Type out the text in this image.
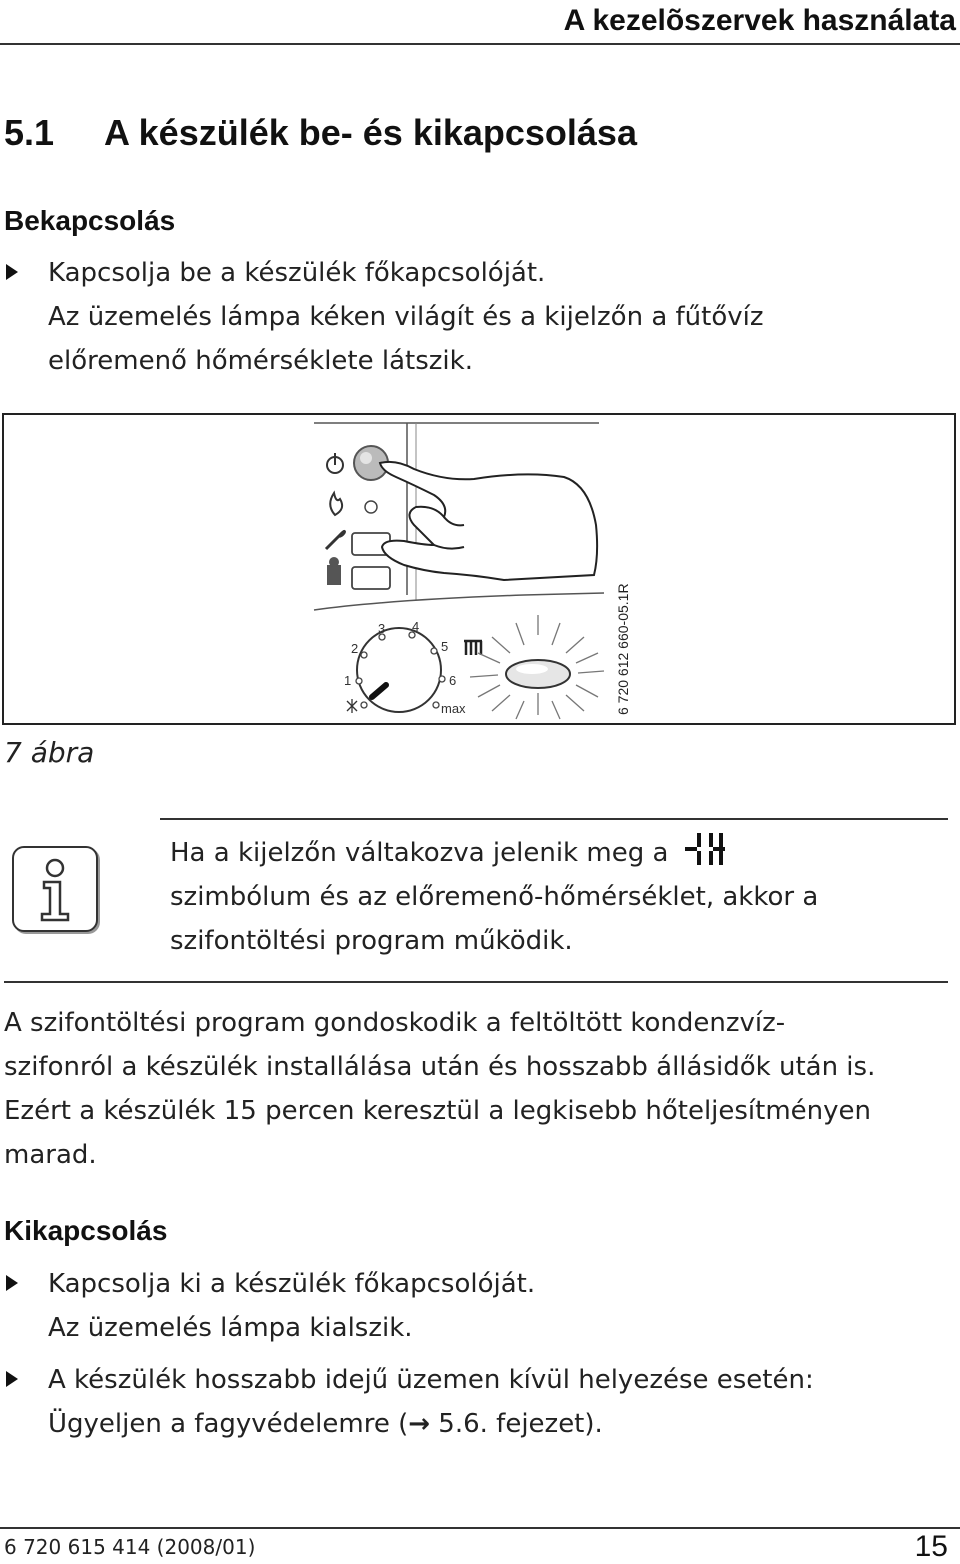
A kezelõszervek használata
5.1 A készülék be- és kikapcsolása
Bekapcsolás
Kapcsolja be a készülék főkapcsolóját.
Az üzemelés lámpa kéken világít és a kijelzőn a fűtővíz
előremenő hőmérséklete látszik.
1
2
3 4
5
6
max	6 720 612 660-05.1R
7 ábra
Ha a kijelzőn váltakozva jelenik meg a
szimbólum és az előremenő-hőmérséklet, akkor a
szifontöltési program működik.
A szifontöltési program gondoskodik a feltöltött kondenzvíz-
szifonról a készülék installálása után és hosszabb állásidők után is.
Ezért a készülék 15 percen keresztül a legkisebb hőteljesítményen
marad.
Kikapcsolás
Kapcsolja ki a készülék főkapcsolóját.
Az üzemelés lámpa kialszik.
A készülék hosszabb idejű üzemen kívül helyezése esetén:
Ügyeljen a fagyvédelemre (→ 5.6. fejezet).
6 720 615 414 (2008/01)	15
